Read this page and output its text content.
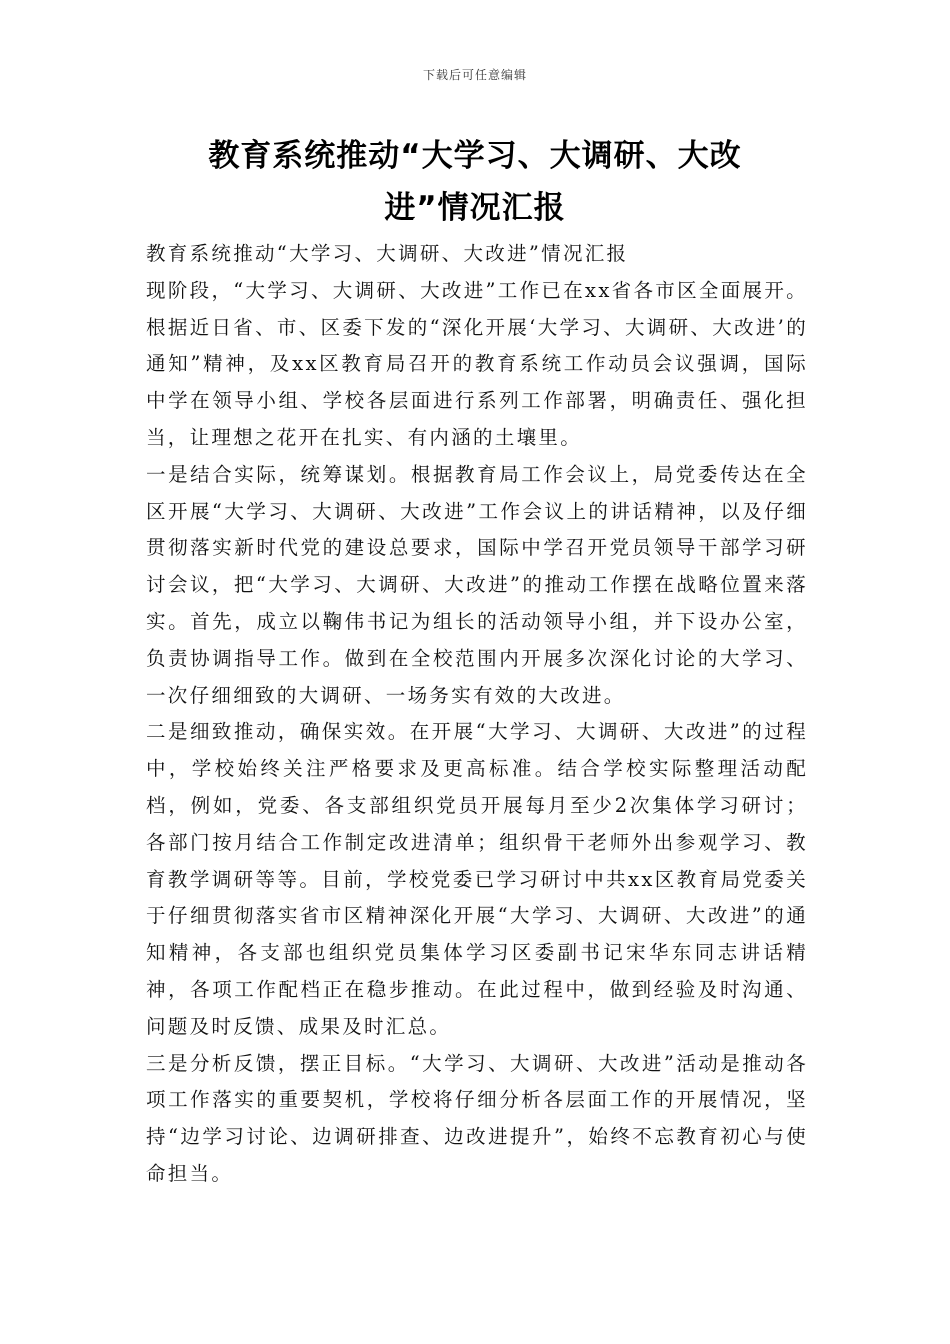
下载后可任意编辑
教育系统推动“大学习、大调研、大改
进”情况汇报

教育系统推动“大学习、大调研、大改进”情况汇报

现阶段，“大学习、大调研、大改进”工作已在xx省各市区全面展开。根据近日省、市、区委下发的“深化开展‘大学习、大调研、大改进’的通知”精神，及xx区教育局召开的教育系统工作动员会议强调，国际中学在领导小组、学校各层面进行系列工作部署，明确责任、强化担当，让理想之花开在扎实、有内涵的土壤里。

一是结合实际，统筹谋划。根据教育局工作会议上，局党委传达在全区开展“大学习、大调研、大改进”工作会议上的讲话精神，以及仔细贯彻落实新时代党的建设总要求，国际中学召开党员领导干部学习研讨会议，把“大学习、大调研、大改进”的推动工作摆在战略位置来落实。首先，成立以鞠伟书记为组长的活动领导小组，并下设办公室，负责协调指导工作。做到在全校范围内开展多次深化讨论的大学习、一次仔细细致的大调研、一场务实有效的大改进。

二是细致推动，确保实效。在开展“大学习、大调研、大改进”的过程中，学校始终关注严格要求及更高标准。结合学校实际整理活动配档，例如，党委、各支部组织党员开展每月至少2次集体学习研讨；各部门按月结合工作制定改进清单；组织骨干老师外出参观学习、教育教学调研等等。目前，学校党委已学习研讨中共xx区教育局党委关于仔细贯彻落实省市区精神深化开展“大学习、大调研、大改进”的通知精神，各支部也组织党员集体学习区委副书记宋华东同志讲话精神，各项工作配档正在稳步推动。在此过程中，做到经验及时沟通、问题及时反馈、成果及时汇总。

三是分析反馈，摆正目标。“大学习、大调研、大改进”活动是推动各项工作落实的重要契机，学校将仔细分析各层面工作的开展情况，坚持“边学习讨论、边调研排查、边改进提升”，始终不忘教育初心与使命担当。
